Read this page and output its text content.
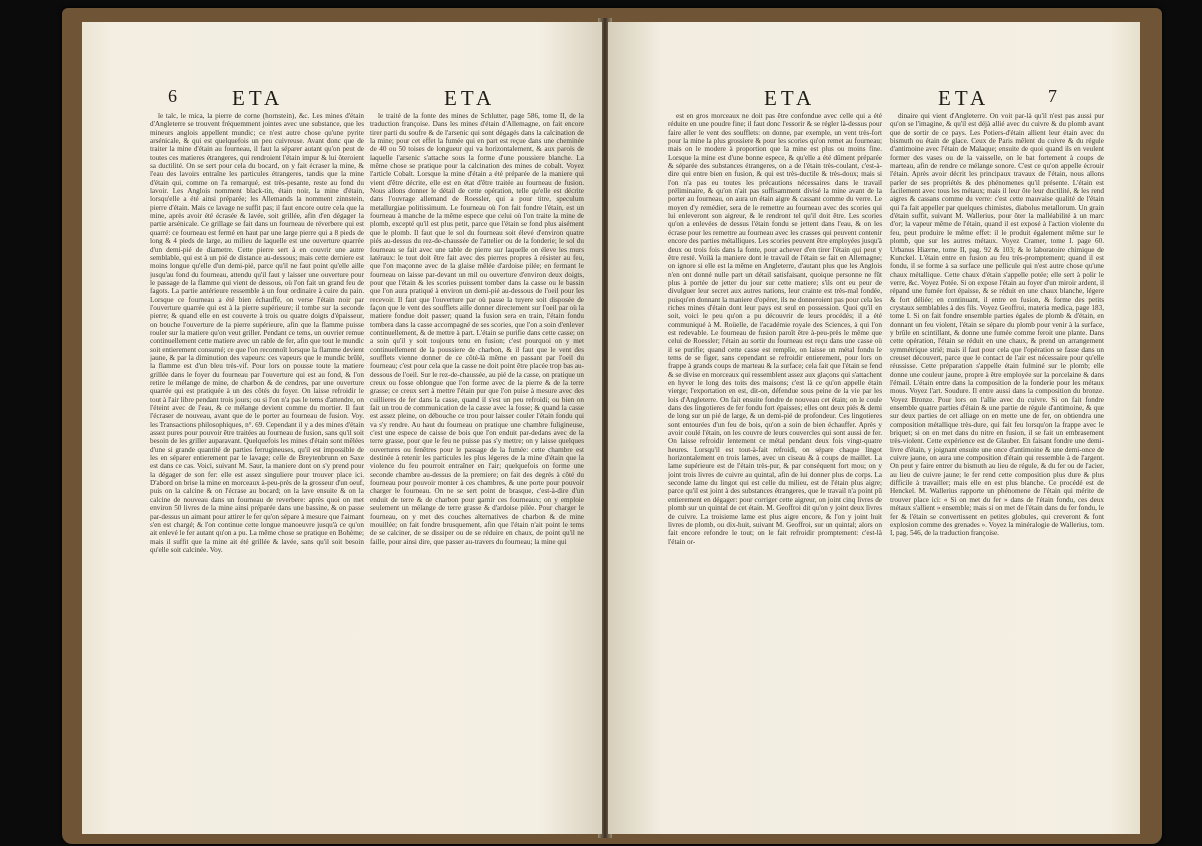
6	ETA	ETA

le talc, le mica, la pierre de corne (hornstein), &c. Les mines d'étain d'Angleterre se trouvent fréquemment jointes avec une substance, que les mineurs anglois appellent mundic; ce n'est autre chose qu'une pyrite arsénicale, & qui est quelquefois un peu cuivreuse. Avant donc que de traiter la mine d'étain au fourneau, il faut la séparer autant qu'on peut de toutes ces matieres étrangeres, qui rendroient l'étain impur & lui ôteroient sa ductilité. On se sert pour cela du bocard, on y fait écraser la mine, & l'eau des lavoirs entraîne les particules étrangeres, tandis que la mine d'étain qui, comme on l'a remarqué, est très-pesante, reste au fond du lavoir. Les Anglois nomment black-tin, étain noir, la mine d'étain, lorsqu'elle a été ainsi préparée; les Allemands la nomment zinnstein, pierre d'étain. Mais ce lavage ne suffit pas; il faut encore outre cela que la mine, après avoir été écrasée & lavée, soit grillée, afin d'en dégager la partie arsénicale. Ce grillage se fait dans un fourneau de réverbere qui est quarré: ce fourneau est fermé en haut par une large pierre qui a 8 pieds de long & 4 pieds de large, au milieu de laquelle est une ouverture quarrée d'un demi-pié de diametre. Cette pierre sert à en couvrir une autre semblable, qui est à un pié de distance au-dessous; mais cette derniere est moins longue qu'elle d'un demi-pié, parce qu'il ne faut point qu'elle aille jusqu'au fond du fourneau, attendu qu'il faut y laisser une ouverture pour le passage de la flamme qui vient de dessous, où l'on fait un grand feu de fagots. La partie antérieure ressemble à un four ordinaire à cuire du pain. Lorsque ce fourneau a été bien échauffé, on verse l'étain noir par l'ouverture quarrée qui est à la pierre supérieure; il tombe sur la seconde pierre; & quand elle en est couverte à trois ou quatre doigts d'épaisseur, on bouche l'ouverture de la pierre supérieure, afin que la flamme puisse rouler sur la matiere qu'on veut griller. Pendant ce tems, un ouvrier remue continuellement cette matiere avec un rable de fer, afin que tout le mundic soit entierement consumé; ce que l'on reconnoît lorsque la flamme devient jaune, & par la diminution des vapeurs: ces vapeurs que le mundic brûlé, la flamme est d'un bleu très-vif. Pour lors on pousse toute la matiere grillée dans le foyer du fourneau par l'ouverture qui est au fond, & l'on retire le mélange de mine, de charbon & de cendres, par une ouverture quarrée qui est pratiquée à un des côtés du foyer. On laisse refroidir le tout à l'air libre pendant trois jours; ou si l'on n'a pas le tems d'attendre, on l'éteint avec de l'eau, & ce mélange devient comme du mortier. Il faut l'écraser de nouveau, avant que de le porter au fourneau de fusion. Voy. les Transactions philosophiques, n°. 69. Cependant il y a des mines d'étain assez pures pour pouvoir être traitées au fourneau de fusion, sans qu'il soit besoin de les griller auparavant. Quelquefois les mines d'étain sont mêlées d'une si grande quantité de parties ferrugineuses, qu'il est impossible de les en séparer entierement par le lavage; celle de Breytenbrunn en Saxe est dans ce cas. Voici, suivant M. Saur, la maniere dont on s'y prend pour la dégager de son fer: elle est assez singuliere pour trouver place ici. D'abord on brise la mine en morceaux à-peu-près de la grosseur d'un oeuf, puis on la calcine & on l'écrase au bocard; on la lave ensuite & on la calcine de nouveau dans un fourneau de reverbere: après quoi on met environ 50 livres de la mine ainsi préparée dans une bassine, & on passe par-dessus un aimant pour attirer le fer qu'on sépare à mesure que l'aimant s'en est chargé; & l'on continue cette longue manoeuvre jusqu'à ce qu'on ait enlevé le fer autant qu'on a pu. La même chose se pratique en Bohème; mais il suffit que la mine ait été grillée & lavée, sans qu'il soit besoin qu'elle soit calcinée. Voy.

le traité de la fonte des mines de Schlutter, page 586, tome II, de la traduction françoise. Dans les mines d'étain d'Allemagne, on fait encore tirer parti du soufre & de l'arsenic qui sont dégagés dans la calcination de la mine; pour cet effet la fumée qui en part est reçue dans une cheminée de 40 ou 50 toises de longueur qui va horizontalement, & aux parois de laquelle l'arsenic s'attache sous la forme d'une poussiere blanche. La même chose se pratique pour la calcination des mines de cobalt. Voyez l'article Cobalt. Lorsque la mine d'étain a été préparée de la maniere qui vient d'être décrite, elle est en état d'être traitée au fourneau de fusion. Nous allons donner le détail de cette opération, telle qu'elle est décrite dans l'ouvrage allemand de Roessler, qui a pour titre, speculum metallurgiae politissimum. Le fourneau où l'on fait fondre l'étain, est un fourneau à manche de la même espece que celui où l'on traite la mine de plomb, excepté qu'il est plus petit, parce que l'étain se fond plus aisément que le plomb. Il faut que le sol du fourneau soit élevé d'environ quatre piés au-dessus du rez-de-chaussée de l'attelier ou de la fonderie; le sol du fourneau se fait avec une table de pierre sur laquelle on éleve les murs latéraux: le tout doit être fait avec des pierres propres à résister au feu, que l'on maçonne avec de la glaise mêlée d'ardoise pilée; en fermant le fourneau on laisse par-devant un mil ou ouverture d'environ deux doigts, pour que l'étain & les scories puissent tomber dans la casse ou le bassin que l'on aura pratiqué à environ un demi-pié au-dessous de l'oeil pour les recevoir. Il faut que l'ouverture par où passe la tuyere soit disposée de façon que le vent des soufflets aille donner directement sur l'oeil par où la matiere fondue doit passer; quand la fusion sera en train, l'étain fondu tombera dans la casse accompagné de ses scories, que l'on a soin d'enlever continuellement, & de mettre à part. L'étain se purifie dans cette casse; on a soin qu'il y soit toujours tenu en fusion; c'est pourquoi on y met continuellement de la poussiere de charbon, & il faut que le vent des soufflets vienne donner de ce côté-là même en passant par l'oeil du fourneau; c'est pour cela que la casse ne doit point être placée trop bas au-dessous de l'oeil. Sur le rez-de-chaussée, au pié de la casse, on pratique un creux ou fosse oblongue que l'on forme avec de la pierre & de la terre grasse; ce creux sert à mettre l'étain pur que l'on puise à mesure avec des cuillieres de fer dans la casse, quand il s'est un peu refroidi; ou bien on fait un trou de communication de la casse avec la fosse; & quand la casse est assez pleine, on débouche ce trou pour laisser couler l'étain fondu qui va s'y rendre. Au haut du fourneau on pratique une chambre fuligineuse, c'est une espece de caisse de bois que l'on enduit par-dedans avec de la terre grasse, pour que le feu ne puisse pas s'y mettre; on y laisse quelques ouvertures ou fenêtres pour le passage de la fumée: cette chambre est destinée à retenir les particules les plus légeres de la mine d'étain que la violence du feu pourroit entraîner en l'air; quelquefois on forme une seconde chambre au-dessus de la premiere; on fait des degrés à côté du fourneau pour pouvoir monter à ces chambres, & une porte pour pouvoir charger le fourneau. On ne se sert point de brasque, c'est-à-dire d'un enduit de terre & de charbon pour garnir ces fourneaux; on y emploie seulement un mélange de terre grasse & d'ardoise pilée. Pour charger le fourneau, on y met des couches alternatives de charbon & de mine mouillée; on fait fondre brusquement, afin que l'étain n'ait point le tems de se calciner, de se dissiper ou de se réduire en chaux, de point qu'il ne faille, pour ainsi dire, que passer au-travers du fourneau; la mine qui

ETA	ETA	7

est en gros morceaux ne doit pas être confondue avec celle qui a été réduite en une poudre fine; il faut donc l'essorir & se régler là-dessus pour faire aller le vent des soufflets: on donne, par exemple, un vent très-fort pour la mine la plus grossiere & pour les scories qu'on remet au fourneau; mais on le modere à proportion que la mine est plus ou moins fine. Lorsque la mine est d'une bonne espece, & qu'elle a été dûment préparée & séparée des substances étrangeres, on a de l'étain très-coulant, c'est-à-dire qui entre bien en fusion, & qui est très-ductile & très-doux; mais si l'on n'a pas eu toutes les précautions nécessaires dans le travail préliminaire, & qu'on n'ait pas suffisamment divisé la mine avant de la porter au fourneau, on aura un étain aigre & cassant comme du verre. Le moyen d'y remédier, sera de le remettre au fourneau avec des scories qui lui enleveront son aigreur, & le rendront tel qu'il doit être. Les scories qu'on a enlevées de dessus l'étain fondu se jettent dans l'eau, & on les écrase pour les remettre au fourneau avec les crasses qui peuvent contenir encore des parties métalliques. Les scories peuvent être employées jusqu'à deux ou trois fois dans la fonte, pour achever d'en tirer l'étain qui peut y être resté. Voilà la maniere dont le travail de l'étain se fait en Allemagne; on ignore si elle est la même en Angleterre, d'autant plus que les Anglois n'en ont donné nulle part un détail satisfaisant, quoique personne ne fût plus à portée de jetter du jour sur cette matiere; s'ils ont eu peur de divulguer leur secret aux autres nations, leur crainte est très-mal fondée, puisqu'en donnant la maniere d'opérer, ils ne donneroient pas pour cela les riches mines d'étain dont leur pays est seul en possession. Quoi qu'il en soit, voici le peu qu'on a pu découvrir de leurs procédés; il a été communiqué à M. Roüelle, de l'académie royale des Sciences, à qui l'on est redevable. Le fourneau de fusion paroît être à-peu-près le même que celui de Roessler; l'étain au sortir du fourneau est reçu dans une casse où il se purifie; quand cette casse est remplie, on laisse un métal fondu le tems de se figer, sans cependant se refroidir entierement, pour lors on frappe à grands coups de marteau & la surface; cela fait que l'étain se fend & se divise en morceaux qui ressemblent assez aux glaçons qui s'attachent en hyver le long des toits des maisons; c'est là ce qu'on appelle étain vierge; l'exportation en est, dit-on, défendue sous peine de la vie par les lois d'Angleterre. On fait ensuite fondre de nouveau cet étain; on le coule dans des lingotieres de fer fondu fort épaisses; elles ont deux piés & demi de long sur un pié de large, & un demi-pié de profondeur. Ces lingotieres sont entourées d'un feu de bois, qu'on a soin de bien échauffer. Après y avoir coulé l'étain, on les couvre de leurs couvercles qui sont aussi de fer. On laisse refroidir lentement ce métal pendant deux fois vingt-quatre heures. Lorsqu'il est tout-à-fait refroidi, on sépare chaque lingot horizontalement en trois lames, avec un ciseau & à coups de maillet. La lame supérieure est de l'étain très-pur, & par conséquent fort mou; on y joint trois livres de cuivre au quintal, afin de lui donner plus de corps. La seconde lame du lingot qui est celle du milieu, est de l'étain plus aigre; parce qu'il est joint à des substances étrangeres, que le travail n'a point pû entierement en dégager: pour corriger cette aigreur, on joint cinq livres de plomb sur un quintal de cet étain. M. Geoffroi dit qu'on y joint deux livres de cuivre. La troisieme lame est plus aigre encore, & l'on y joint huit livres de plomb, ou dix-huit, suivant M. Geoffroi, sur un quintal; alors on fait encore refondre le tout; on le fait refroidir promptement: c'est-là l'étain or-

dinaire qui vient d'Angleterre. On voit par-là qu'il n'est pas aussi pur qu'on se l'imagine, & qu'il est déjà allié avec du cuivre & du plomb avant que de sortir de ce pays. Les Potiers-d'étain allient leur étain avec du bismuth ou étain de glace. Ceux de Paris mêlent du cuivre & du régule d'antimoine avec l'étain de Malaque; ensuite de quoi quand ils en veulent former des vases ou de la vaisselle, on le bat fortement à coups de marteau, afin de rendre ce mélange sonore. C'est ce qu'on appelle écrouir l'étain. Après avoir décrit les principaux travaux de l'étain, nous allons parler de ses propriétés & des phénomenes qu'il présente. L'étain est facilement avec tous les métaux; mais il leur ôte leur ductilité, & les rend aigres & cassans comme du verre: c'est cette mauvaise qualité de l'étain qui l'a fait appeller par quelques chimistes, diabolus metallorum. Un grain d'étain suffit, suivant M. Wallerius, pour ôter la malléabilité à un marc d'or; la vapeur même de l'étain, quand il est exposé à l'action violente du feu, peut produire le même effet: il le produit également même sur le plomb, que sur les autres métaux. Voyez Cramer, tome I. page 60. Urbanus Hiærne, tome II, pag. 92 & 103; & le laboratoire chimique de Kunckel. L'étain entre en fusion au feu très-promptement; quand il est fondu, il se forme à sa surface une pellicule qui n'est autre chose qu'une chaux métallique. Cette chaux d'étain s'appelle potée; elle sert à polir le verre, &c. Voyez Potée. Si on expose l'étain au foyer d'un miroir ardent, il répand une fumée fort épaisse, & se réduit en une chaux blanche, légere & fort déliée; en continuant, il entre en fusion, & forme des petits crystaux semblables à des fils. Voyez Geoffroi, materia medica, page 183, tome I. Si on fait fondre ensemble parties égales de plomb & d'étain, en donnant un feu violent, l'étain se sépare du plomb pour venir à la surface, y brûle en scintillant, & donne une fumée comme feroit une plante. Dans cette opération, l'étain se réduit en une chaux, & prend un arrangement symmétrique strié; mais il faut pour cela que l'opération se fasse dans un creuset découvert, parce que le contact de l'air est nécessaire pour qu'elle réussisse. Cette préparation s'appelle étain fulminé sur le plomb; elle donne une couleur jaune, propre à être employée sur la porcelaine & dans l'émail. L'étain entre dans la composition de la fonderie pour les métaux mous. Voyez l'art. Soudure. Il entre aussi dans la composition du bronze. Voyez Bronze. Pour lors on l'allie avec du cuivre. Si on fait fondre ensemble quatre parties d'étain & une partie de régule d'antimoine, & que sur deux parties de cet alliage on en mette une de fer, on obtiendra une composition métallique très-dure, qui fait feu lorsqu'on la frappe avec le briquet; si on en met dans du nitre en fusion, il se fait un embrasement très-violent. Cette expérience est de Glauber. En faisant fondre une demi-livre d'étain, y joignant ensuite une once d'antimoine & une demi-once de cuivre jaune, on aura une composition d'étain qui ressemble à de l'argent. On peut y faire entrer du bismuth au lieu de régule, & du fer ou de l'acier, au lieu de cuivre jaune; le fer rend cette composition plus dure & plus difficile à travailler; mais elle en est plus blanche. Ce procédé est de Henckel. M. Wallerius rapporte un phénomene de l'étain qui mérite de trouver place ici: « Si on met du fer » dans de l'étain fondu, ces deux métaux s'allient » ensemble; mais si on met de l'étain dans du fer fondu, le fer & l'étain se convertissent en petites globules, qui creveront & font explosion comme des grenades ». Voyez la minéralogie de Wallerius, tom. I, pag. 546, de la traduction françoise.
